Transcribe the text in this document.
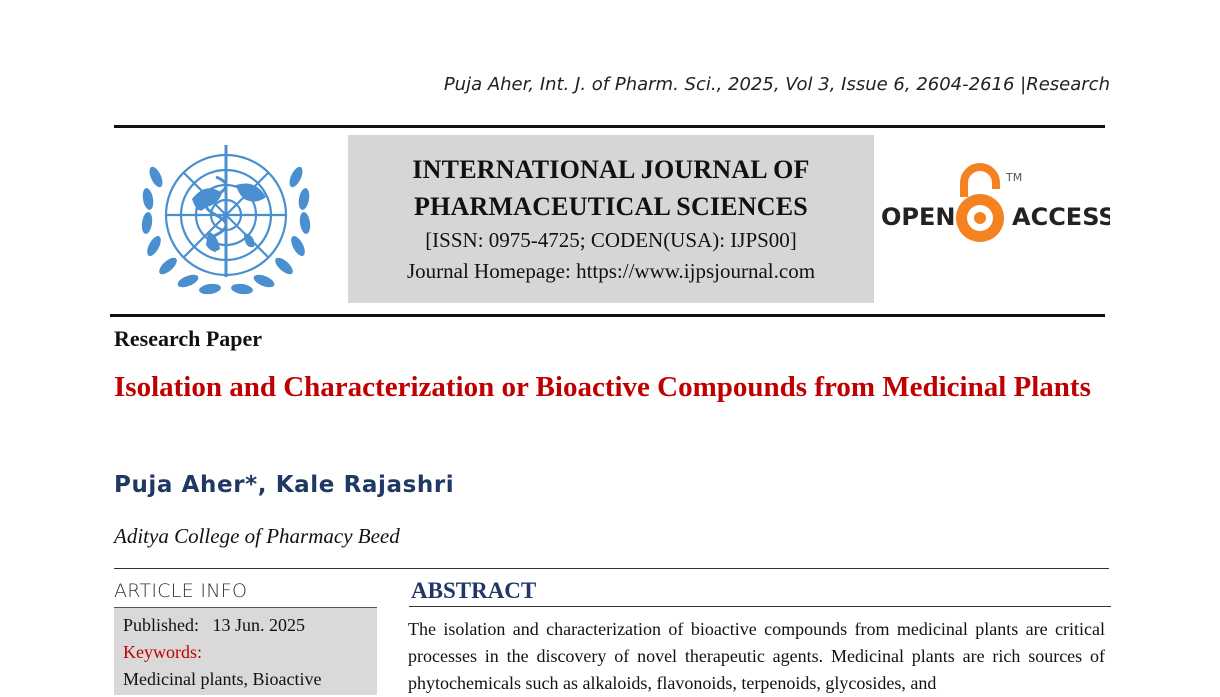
Puja Aher, Int. J. of Pharm. Sci., 2025, Vol 3, Issue 6, 2604-2616 |Research
INTERNATIONAL JOURNAL OF
PHARMACEUTICAL SCIENCES
[ISSN: 0975-4725; CODEN(USA): IJPS00]
Journal Homepage: https://www.ijpsjournal.com
OPEN ACCESS
TM
Research Paper
Isolation and Characterization or Bioactive Compounds from Medicinal Plants
Puja Aher*, Kale Rajashri
Aditya College of Pharmacy Beed
ARTICLE INFO
Published: 13 Jun. 2025
Keywords:
Medicinal plants, Bioactive
ABSTRACT
The isolation and characterization of bioactive compounds from medicinal plants are critical processes in the discovery of novel therapeutic agents. Medicinal plants are rich sources of phytochemicals such as alkaloids, flavonoids, terpenoids, glycosides, and
